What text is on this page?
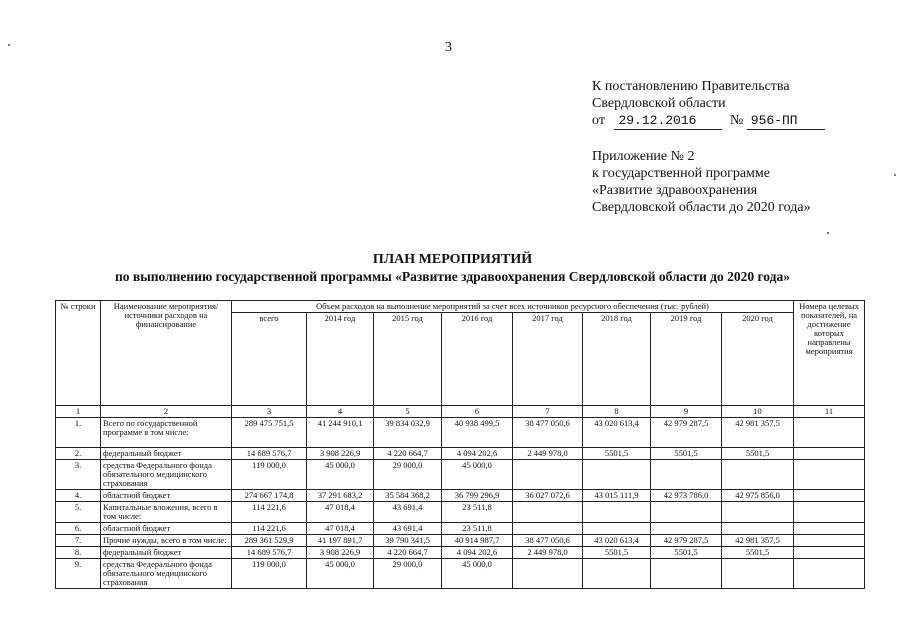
3
К постановлению Правительства
Свердловской области
от 29.12.2016 № 956-ПП
Приложение № 2
к государственной программе
«Развитие здравоохранения
Свердловской области до 2020 года»
ПЛАН МЕРОПРИЯТИЙ
по выполнению государственной программы «Развитие здравоохранения Свердловской области до 2020 года»
№ строки	Наименование мероприятия/источники расходов на финансирование	Объем расходов на выполнение мероприятий за счет всех источников ресурсного обеспечения (тыс. рублей)								Номера целевых показателей, на достижение которых направлены мероприятия
		всего	2014 год	2015 год	2016 год	2017 год	2018 год	2019 год	2020 год	
1	2	3	4	5	6	7	8	9	10	11
1.	Всего по государственной программе в том числе:	289 475 751,5	41 244 910,1	39 834 032,9	40 938 499,5	38 477 050,6	43 020 613,4	42 979 287,5	42 981 357,5	
2.	федеральный бюджет	14 689 576,7	3 908 226,9	4 220 664,7	4 094 202,6	2 449 978,0	5501,5	5501,5	5501,5	
3.	средства Федерального фонда обязательного медицинского страхования	119 000,0	45 000,0	29 000,0	45 000,0					
4.	областной бюджет	274 667 174,8	37 291 683,2	35 584 368,2	36 799 296,9	36 027 072,6	43 015 111,9	42 973 786,0	42 975 856,0	
5.	Капитальные вложения, всего в том числе:	114 221,6	47 018,4	43 691,4	23 511,8					
6.	областной бюджет	114 221,6	47 018,4	43 691,4	23 511,8					
7.	Прочие нужды, всего в том числе:	289 361 529,9	41 197 891,7	39 790 341,5	40 914 987,7	38 477 050,6	43 020 613,4	42 979 287,5	42 981 357,5	
8.	федеральный бюджет	14 689 576,7	3 908 226,9	4 220 664,7	4 094 202,6	2 449 978,0	5501,5	5501,5	5501,5	
9.	средства Федерального фонда обязательного медицинского страхования	119 000,0	45 000,0	29 000,0	45 000,0					
